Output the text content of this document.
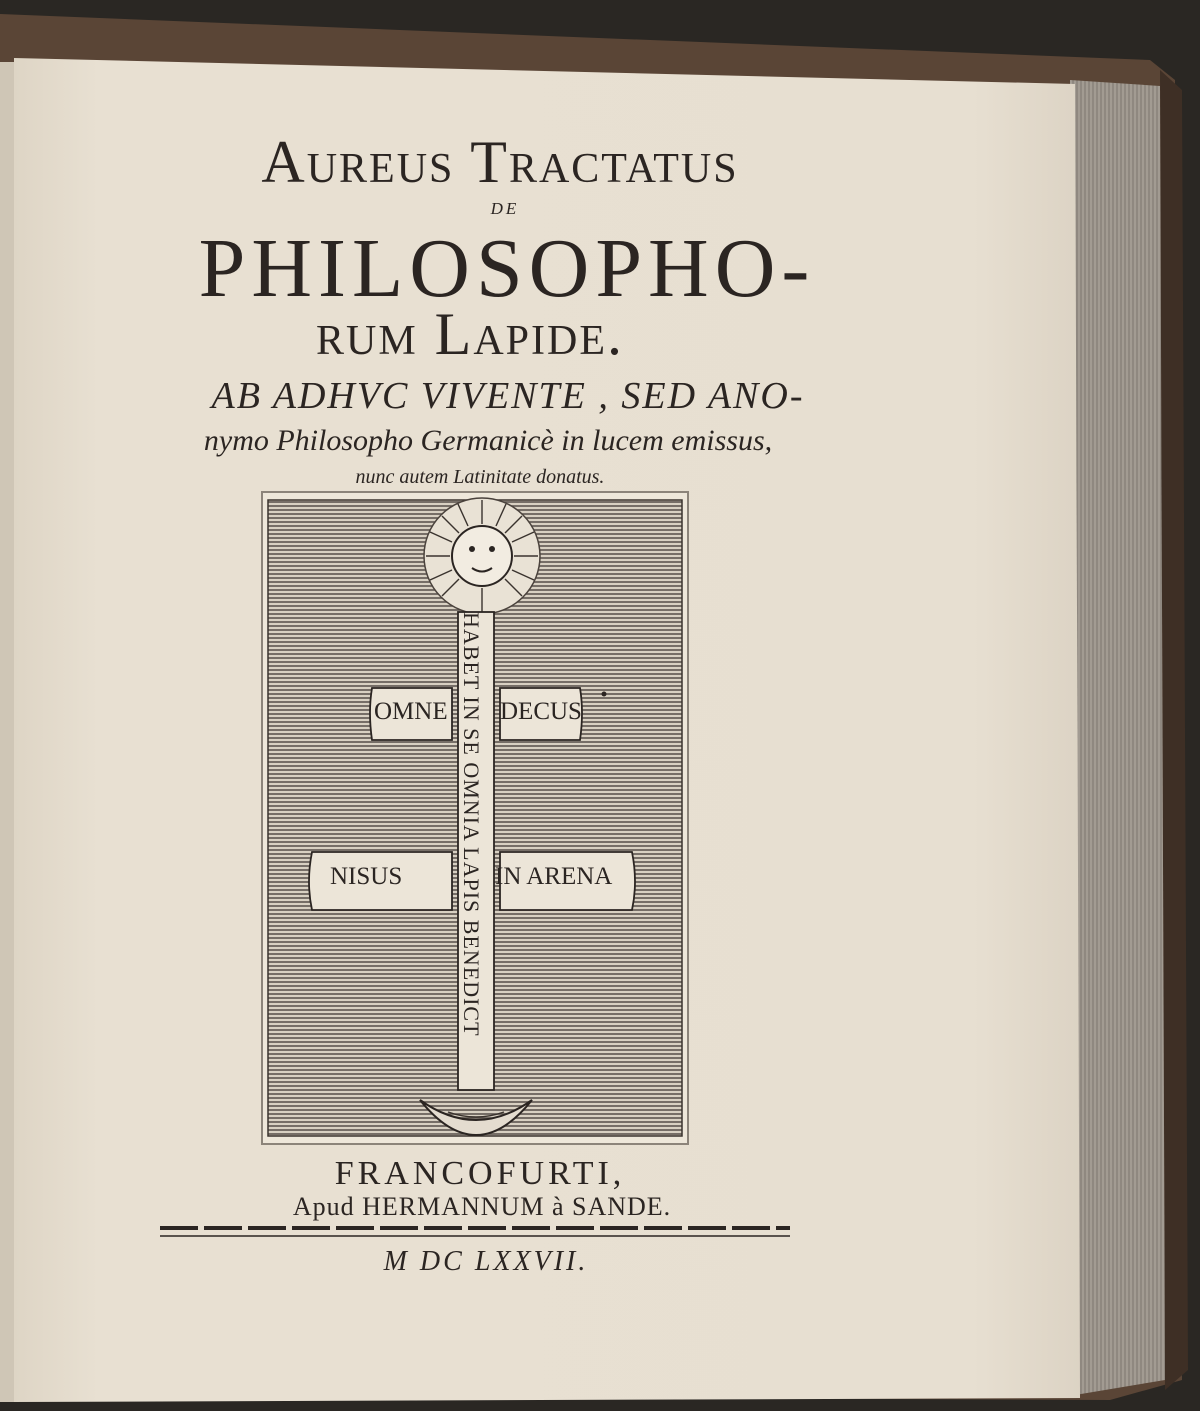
Aureus Tractatus
de
PHILOSOPHO-
rum Lapide.
AB ADHVC VIVENTE , SED ANO-
nymo Philosopho Germanicè in lucem emissus,
nunc autem Latinitate donatus.
OMNE DECUS
NISUS	IN ARENA
HABET IN SE OMNIA LAPIS BENEDICT
FRANCOFURTI,
Apud HERMANNUM à SANDE.
M DC LXXVII.
